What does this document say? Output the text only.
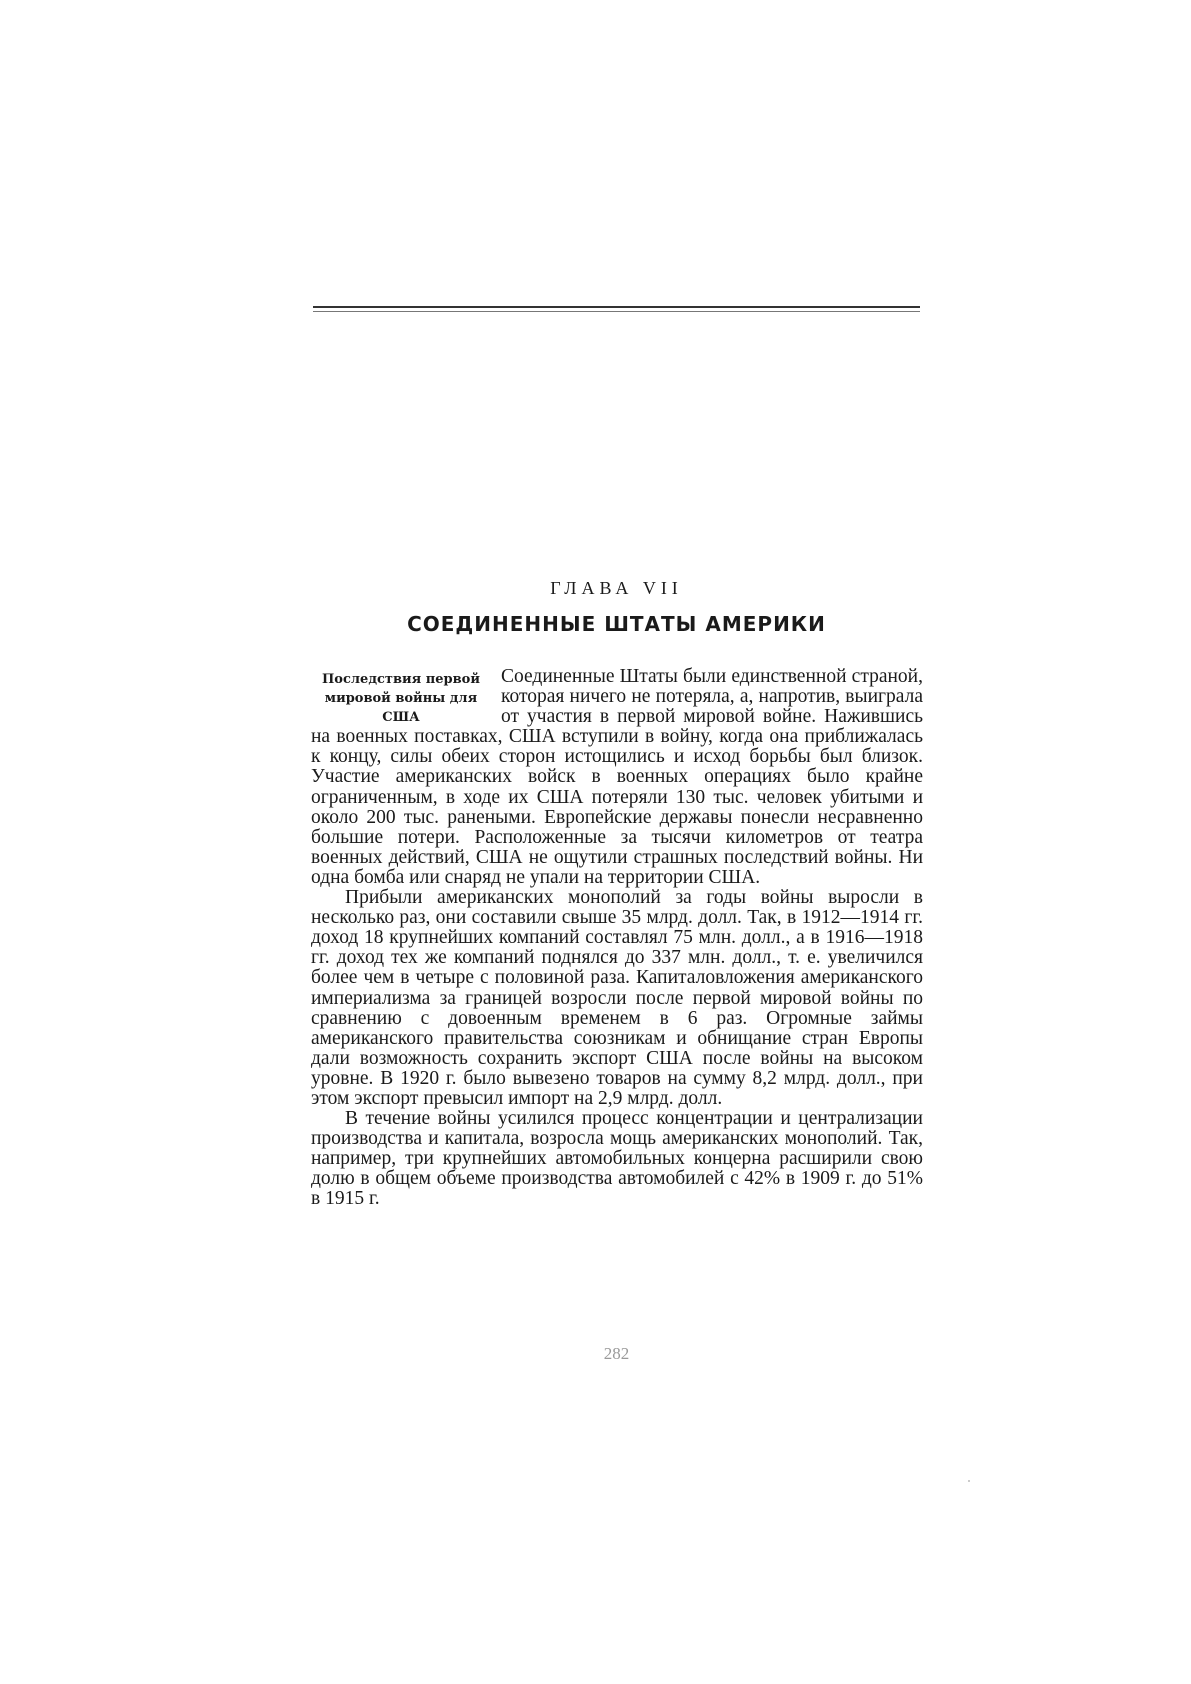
ГЛАВА VII
СОЕДИНЕННЫЕ ШТАТЫ АМЕРИКИ
Последствия первой мировой войны для США

Соединенные Штаты были единственной страной, которая ничего не потеряла, а, напротив, выиграла от участия в первой мировой войне. Нажившись на военных поставках, США вступили в войну, когда она приближалась к концу, силы обеих сторон истощились и исход борьбы был близок. Участие американских войск в военных операциях было крайне ограниченным, в ходе их США потеряли 130 тыс. человек убитыми и около 200 тыс. ранеными. Европейские державы понесли несравненно большие потери. Расположенные за тысячи километров от театра военных действий, США не ощутили страшных последствий войны. Ни одна бомба или снаряд не упали на территории США.

Прибыли американских монополий за годы войны выросли в несколько раз, они составили свыше 35 млрд. долл. Так, в 1912—1914 гг. доход 18 крупнейших компаний составлял 75 млн. долл., а в 1916—1918 гг. доход тех же компаний поднялся до 337 млн. долл., т. е. увеличился более чем в четыре с половиной раза. Капиталовложения американского империализма за границей возросли после первой мировой войны по сравнению с довоенным временем в 6 раз. Огромные займы американского правительства союзникам и обнищание стран Европы дали возможность сохранить экспорт США после войны на высоком уровне. В 1920 г. было вывезено товаров на сумму 8,2 млрд. долл., при этом экспорт превысил импорт на 2,9 млрд. долл.

В течение войны усилился процесс концентрации и централизации производства и капитала, возросла мощь американских монополий. Так, например, три крупнейших автомобильных концерна расширили свою долю в общем объеме производства автомобилей с 42% в 1909 г. до 51% в 1915 г.

282
